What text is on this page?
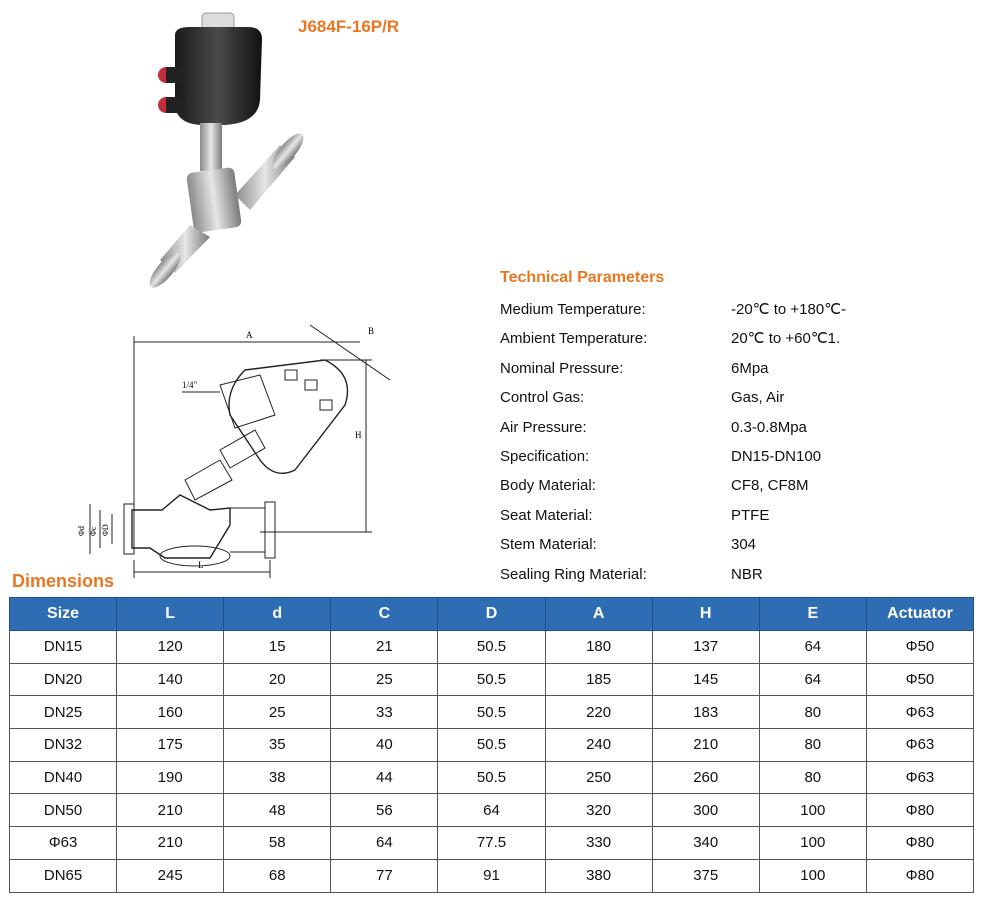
J684F-16P/R
A	B
H
L
1/4"
Φd Φc ΦD
Technical Parameters
Medium Temperature:	-20℃ to +180℃-
Ambient Temperature:	20℃ to +60℃1.
Nominal Pressure:	6Mpa
Control Gas:	Gas, Air
Air Pressure:	0.3-0.8Mpa
Specification:	DN15-DN100
Body Material:	CF8, CF8M
Seat Material:	PTFE
Stem Material:	304
Sealing Ring Material:	NBR
Dimensions
Size	L	d	C	D	A	H	E	Actuator
DN15	120	15	21	50.5	180	137	64	Φ50
DN20	140	20	25	50.5	185	145	64	Φ50
DN25	160	25	33	50.5	220	183	80	Φ63
DN32	175	35	40	50.5	240	210	80	Φ63
DN40	190	38	44	50.5	250	260	80	Φ63
DN50	210	48	56	64	320	300	100	Φ80
Φ63	210	58	64	77.5	330	340	100	Φ80
DN65	245	68	77	91	380	375	100	Φ80
